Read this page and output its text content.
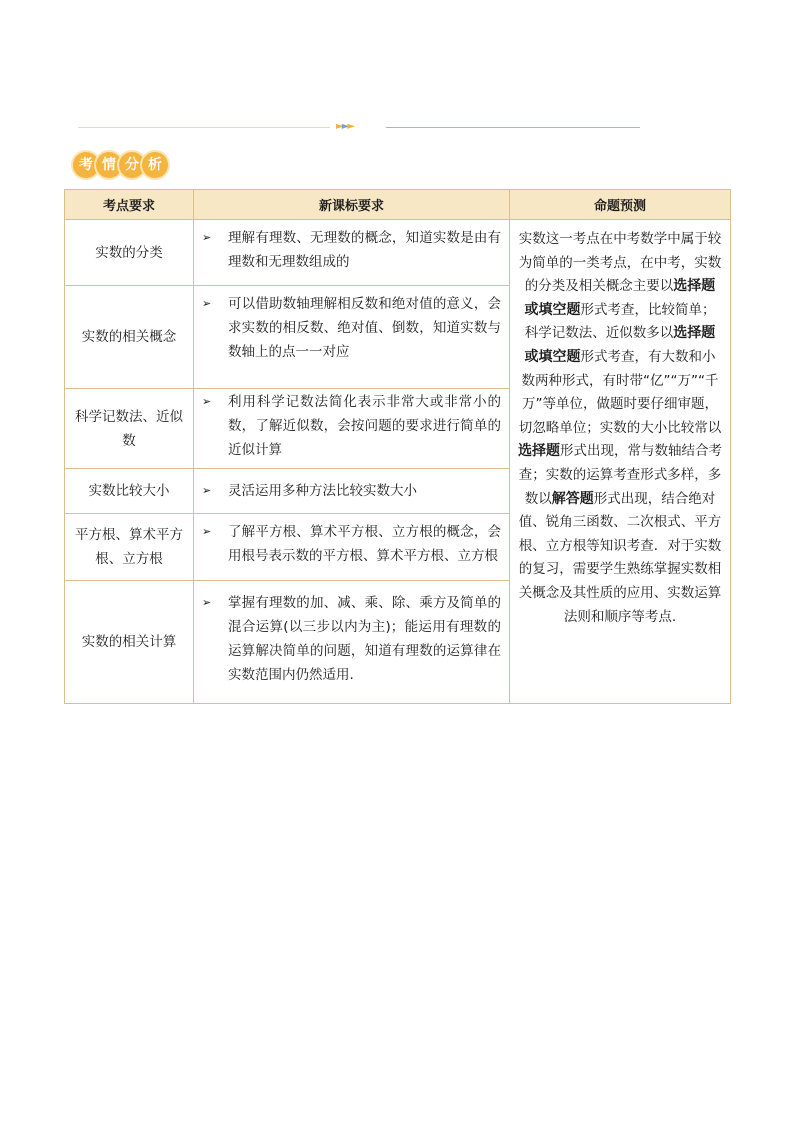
►►►
考 情 分 析
考点要求	新课标要求	命题预测
实数的分类	➢ 理解有理数、无理数的概念，知道实数是由有理数和无理数组成的	实数这一考点在中考数学中属于较为简单的一类考点，在中考，实数的分类及相关概念主要以选择题或填空题形式考查，比较简单；科学记数法、近似数多以选择题或填空题形式考查，有大数和小数两种形式，有时带“亿”“万”“千万”等单位，做题时要仔细审题，切忽略单位；实数的大小比较常以选择题形式出现，常与数轴结合考查；实数的运算考查形式多样，多数以解答题形式出现，结合绝对值、锐角三函数、二次根式、平方根、立方根等知识考查．对于实数的复习，需要学生熟练掌握实数相关概念及其性质的应用、实数运算法则和顺序等考点.
实数的相关概念	➢ 可以借助数轴理解相反数和绝对值的意义，会求实数的相反数、绝对值、倒数，知道实数与数轴上的点一一对应	

科学记数法、近似数	➢ 利用科学记数法简化表示非常大或非常小的数，了解近似数，会按问题的要求进行简单的近似计算	

实数比较大小	➢ 灵活运用多种方法比较实数大小	

平方根、算术平方根、立方根	➢ 了解平方根、算术平方根、立方根的概念，会用根号表示数的平方根、算术平方根、立方根	

实数的相关计算	➢ 掌握有理数的加、减、乘、除、乘方及简单的混合运算(以三步以内为主)；能运用有理数的运算解决简单的问题，知道有理数的运算律在实数范围内仍然适用.	
